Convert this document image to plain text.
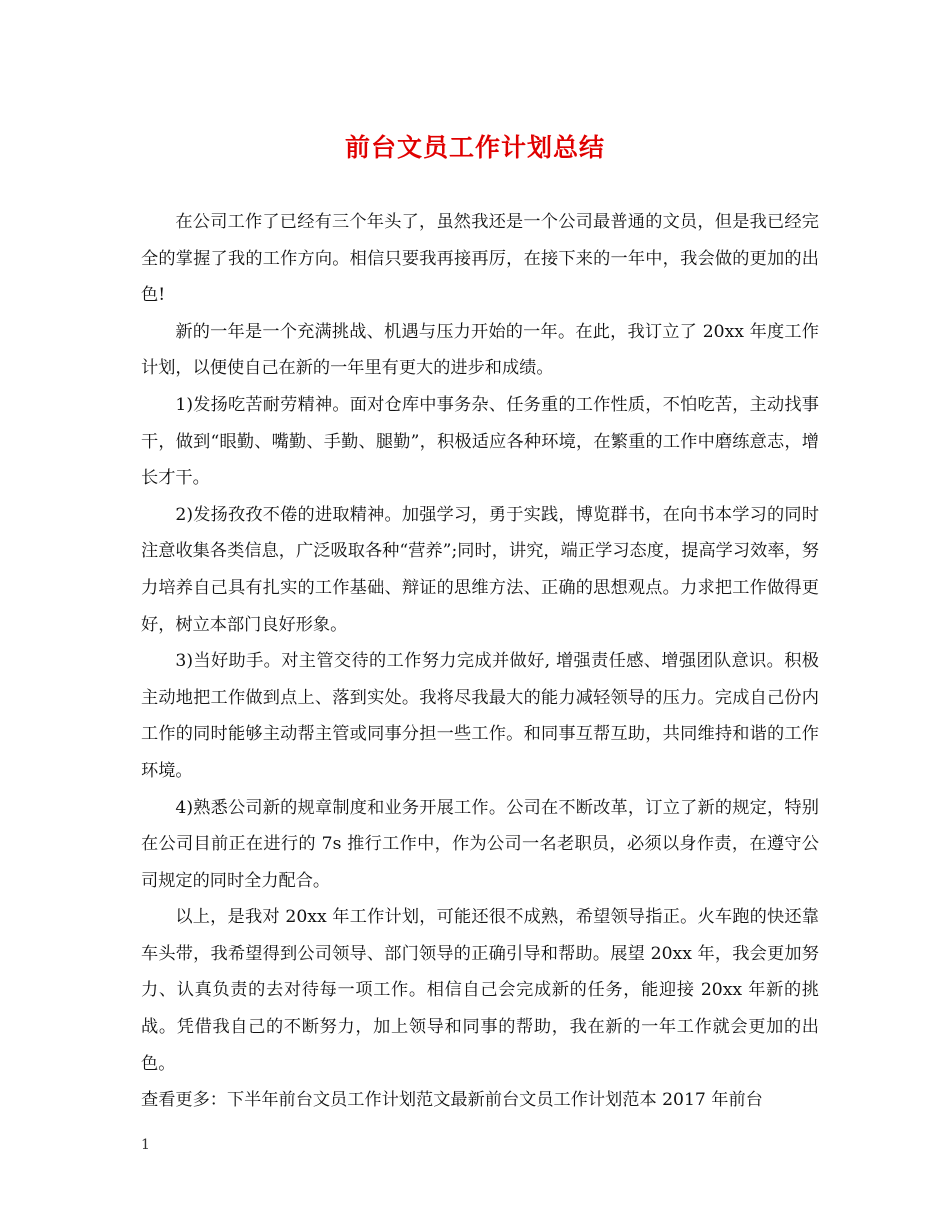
前台文员工作计划总结

在公司工作了已经有三个年头了，虽然我还是一个公司最普通的文员，但是我已经完全的掌握了我的工作方向。相信只要我再接再厉，在接下来的一年中，我会做的更加的出色!

新的一年是一个充满挑战、机遇与压力开始的一年。在此，我订立了 20xx 年度工作计划，以便使自己在新的一年里有更大的进步和成绩。

1)发扬吃苦耐劳精神。面对仓库中事务杂、任务重的工作性质，不怕吃苦，主动找事干，做到“眼勤、嘴勤、手勤、腿勤”，积极适应各种环境，在繁重的工作中磨练意志，增长才干。

2)发扬孜孜不倦的进取精神。加强学习，勇于实践，博览群书，在向书本学习的同时注意收集各类信息，广泛吸取各种“营养”;同时，讲究，端正学习态度，提高学习效率，努力培养自己具有扎实的工作基础、辩证的思维方法、正确的思想观点。力求把工作做得更好，树立本部门良好形象。

3)当好助手。对主管交待的工作努力完成并做好, 增强责任感、增强团队意识。积极主动地把工作做到点上、落到实处。我将尽我最大的能力减轻领导的压力。完成自己份内工作的同时能够主动帮主管或同事分担一些工作。和同事互帮互助，共同维持和谐的工作环境。

4)熟悉公司新的规章制度和业务开展工作。公司在不断改革，订立了新的规定，特别在公司目前正在进行的 7s 推行工作中，作为公司一名老职员，必须以身作责，在遵守公司规定的同时全力配合。

以上，是我对 20xx 年工作计划，可能还很不成熟，希望领导指正。火车跑的快还靠车头带，我希望得到公司领导、部门领导的正确引导和帮助。展望 20xx 年，我会更加努力、认真负责的去对待每一项工作。相信自己会完成新的任务，能迎接 20xx 年新的挑战。凭借我自己的不断努力，加上领导和同事的帮助，我在新的一年工作就会更加的出色。

查看更多：下半年前台文员工作计划范文最新前台文员工作计划范本 2017 年前台

1
